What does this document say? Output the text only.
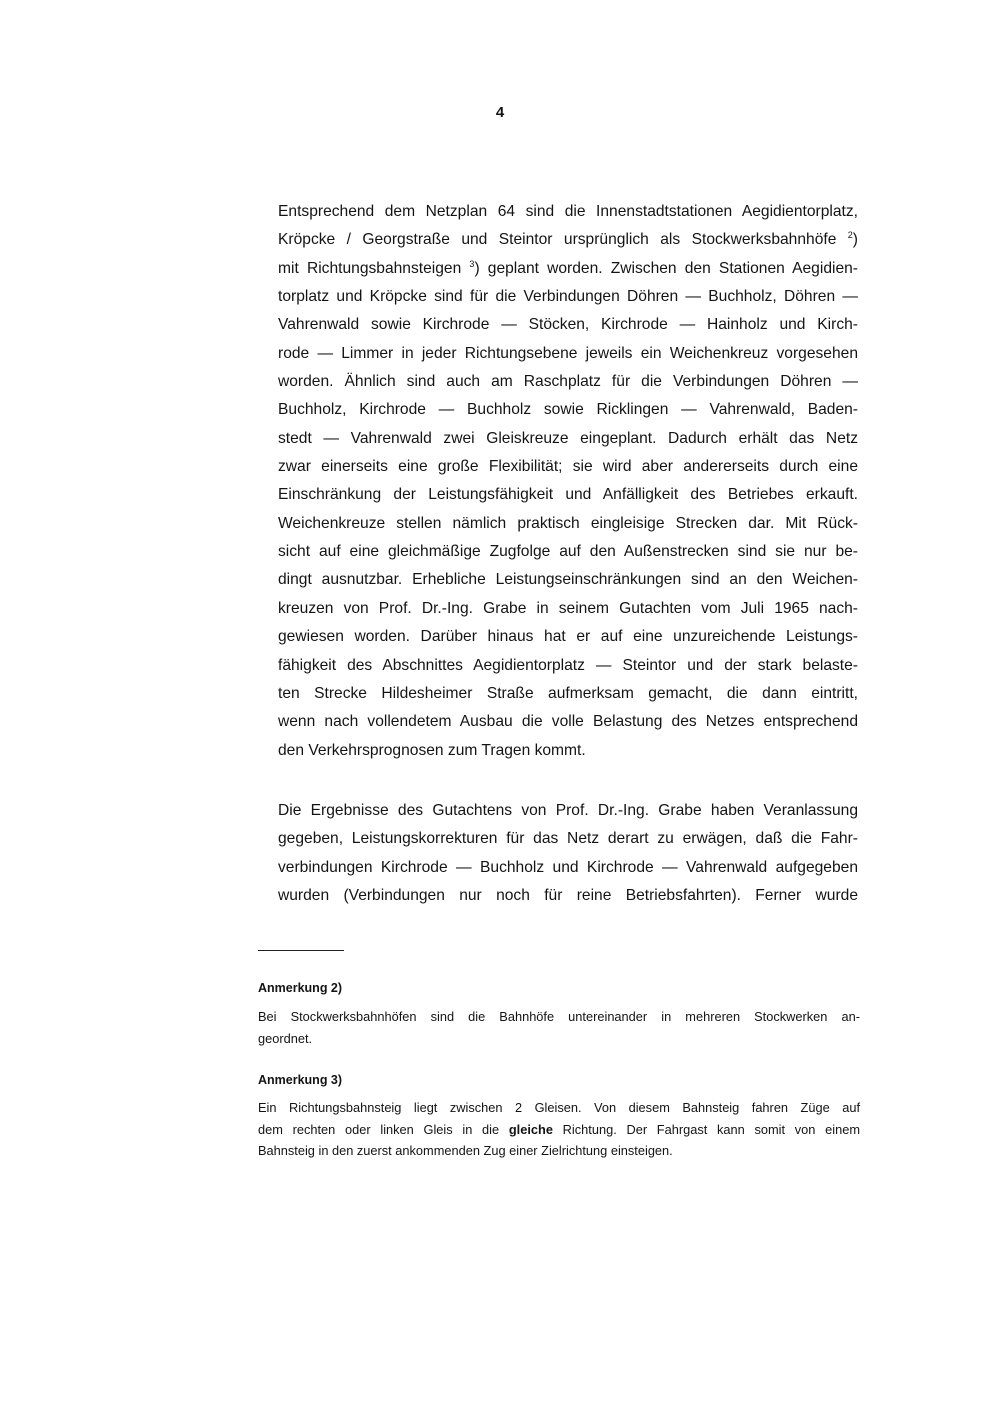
4
Entsprechend dem Netzplan 64 sind die Innenstadtstationen Aegidientorplatz,
Kröpcke / Georgstraße und Steintor ursprünglich als Stockwerksbahnhöfe $^2$)
mit Richtungsbahnsteigen $^3$) geplant worden. Zwischen den Stationen Aegidien-
torplatz und Kröpcke sind für die Verbindungen Döhren — Buchholz, Döhren —
Vahrenwald sowie Kirchrode — Stöcken, Kirchrode — Hainholz und Kirch-
rode — Limmer in jeder Richtungsebene jeweils ein Weichenkreuz vorgesehen
worden. Ähnlich sind auch am Raschplatz für die Verbindungen Döhren —
Buchholz, Kirchrode — Buchholz sowie Ricklingen — Vahrenwald, Baden-
stedt — Vahrenwald zwei Gleiskreuze eingeplant. Dadurch erhält das Netz
zwar einerseits eine große Flexibilität; sie wird aber andererseits durch eine
Einschränkung der Leistungsfähigkeit und Anfälligkeit des Betriebes erkauft.
Weichenkreuze stellen nämlich praktisch eingleisige Strecken dar. Mit Rück-
sicht auf eine gleichmäßige Zugfolge auf den Außenstrecken sind sie nur be-
dingt ausnutzbar. Erhebliche Leistungseinschränkungen sind an den Weichen-
kreuzen von Prof. Dr.-Ing. Grabe in seinem Gutachten vom Juli 1965 nach-
gewiesen worden. Darüber hinaus hat er auf eine unzureichende Leistungs-
fähigkeit des Abschnittes Aegidientorplatz — Steintor und der stark belaste-
ten Strecke Hildesheimer Straße aufmerksam gemacht, die dann eintritt,
wenn nach vollendetem Ausbau die volle Belastung des Netzes entsprechend
den Verkehrsprognosen zum Tragen kommt.
Die Ergebnisse des Gutachtens von Prof. Dr.-Ing. Grabe haben Veranlassung
gegeben, Leistungskorrekturen für das Netz derart zu erwägen, daß die Fahr-
verbindungen Kirchrode — Buchholz und Kirchrode — Vahrenwald aufgegeben
wurden (Verbindungen nur noch für reine Betriebsfahrten). Ferner wurde
Anmerkung 2)
Bei Stockwerksbahnhöfen sind die Bahnhöfe untereinander in mehreren Stockwerken an-
geordnet.
Anmerkung 3)
Ein Richtungsbahnsteig liegt zwischen 2 Gleisen. Von diesem Bahnsteig fahren Züge auf
dem rechten oder linken Gleis in die gleiche Richtung. Der Fahrgast kann somit von einem
Bahnsteig in den zuerst ankommenden Zug einer Zielrichtung einsteigen.
